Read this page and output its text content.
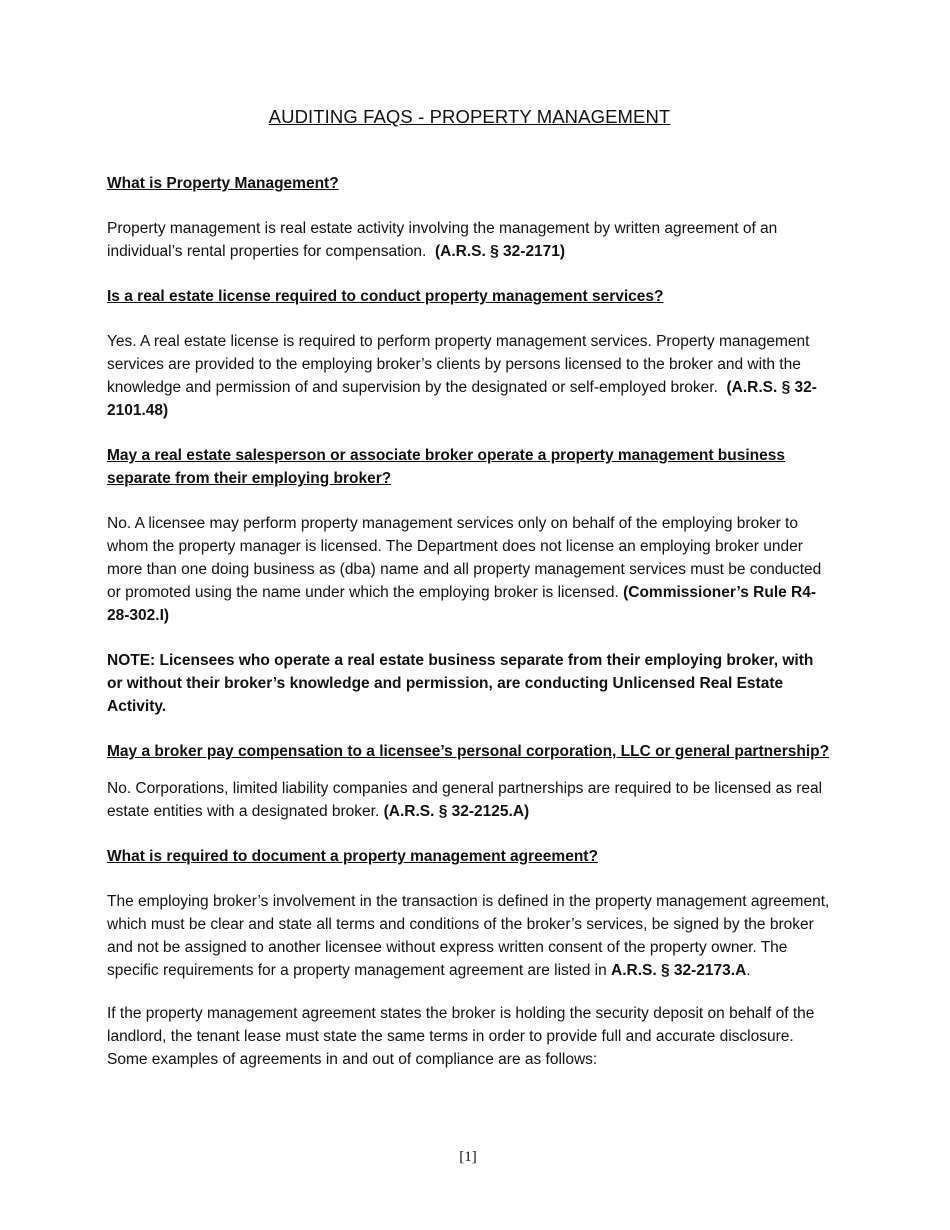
AUDITING FAQS - PROPERTY MANAGEMENT
What is Property Management?
Property management is real estate activity involving the management by written agreement of an individual’s rental properties for compensation. (A.R.S. § 32-2171)
Is a real estate license required to conduct property management services?
Yes. A real estate license is required to perform property management services. Property management services are provided to the employing broker’s clients by persons licensed to the broker and with the knowledge and permission of and supervision by the designated or self-employed broker. (A.R.S. § 32-2101.48)
May a real estate salesperson or associate broker operate a property management business separate from their employing broker?
No. A licensee may perform property management services only on behalf of the employing broker to whom the property manager is licensed. The Department does not license an employing broker under more than one doing business as (dba) name and all property management services must be conducted or promoted using the name under which the employing broker is licensed. (Commissioner’s Rule R4-28-302.I)
NOTE: Licensees who operate a real estate business separate from their employing broker, with or without their broker’s knowledge and permission, are conducting Unlicensed Real Estate Activity.
May a broker pay compensation to a licensee’s personal corporation, LLC or general partnership?
No. Corporations, limited liability companies and general partnerships are required to be licensed as real estate entities with a designated broker. (A.R.S. § 32-2125.A)
What is required to document a property management agreement?
The employing broker’s involvement in the transaction is defined in the property management agreement, which must be clear and state all terms and conditions of the broker’s services, be signed by the broker and not be assigned to another licensee without express written consent of the property owner. The specific requirements for a property management agreement are listed in A.R.S. § 32-2173.A.
If the property management agreement states the broker is holding the security deposit on behalf of the landlord, the tenant lease must state the same terms in order to provide full and accurate disclosure. Some examples of agreements in and out of compliance are as follows:
[1]
